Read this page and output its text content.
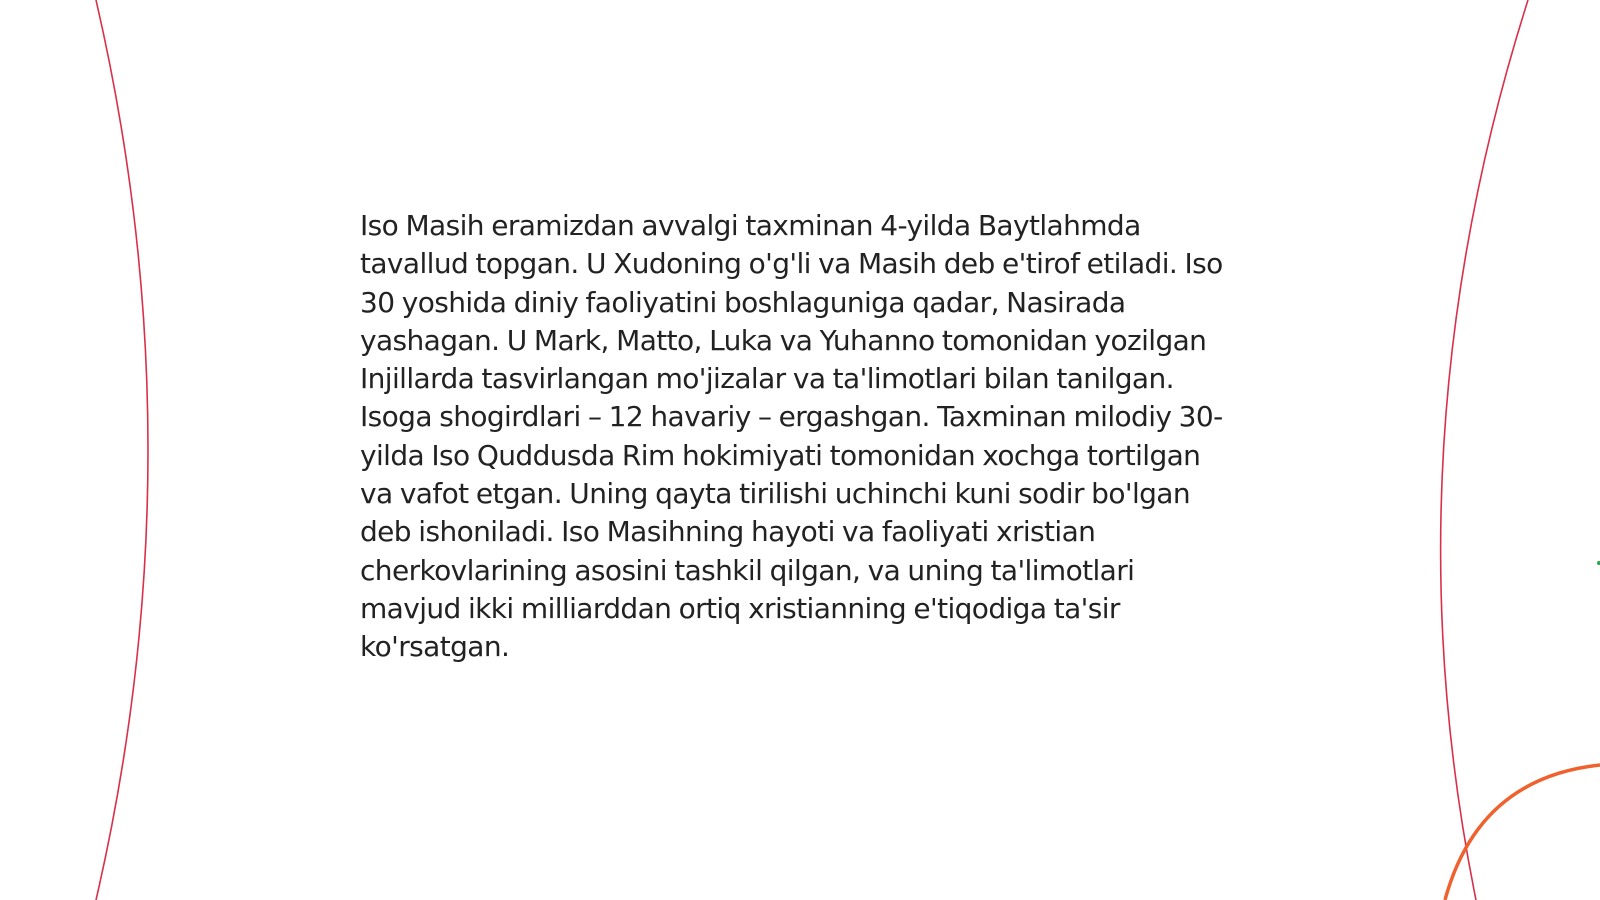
Iso Masih eramizdan avvalgi taxminan 4-yilda Baytlahmda tavallud topgan. U Xudoning o'g'li va Masih deb e'tirof etiladi. Iso 30 yoshida diniy faoliyatini boshlaguniga qadar, Nasirada yashagan. U Mark, Matto, Luka va Yuhanno tomonidan yozilgan Injillarda tasvirlangan mo'jizalar va ta'limotlari bilan tanilgan. Isoga shogirdlari – 12 havariy – ergashgan. Taxminan milodiy 30-yilda Iso Quddusda Rim hokimiyati tomonidan xochga tortilgan va vafot etgan. Uning qayta tirilishi uchinchi kuni sodir bo'lgan deb ishoniladi. Iso Masihning hayoti va faoliyati xristian cherkovlarining asosini tashkil qilgan, va uning ta'limotlari mavjud ikki milliarddan ortiq xristianning e'tiqodiga ta'sir ko'rsatgan.
